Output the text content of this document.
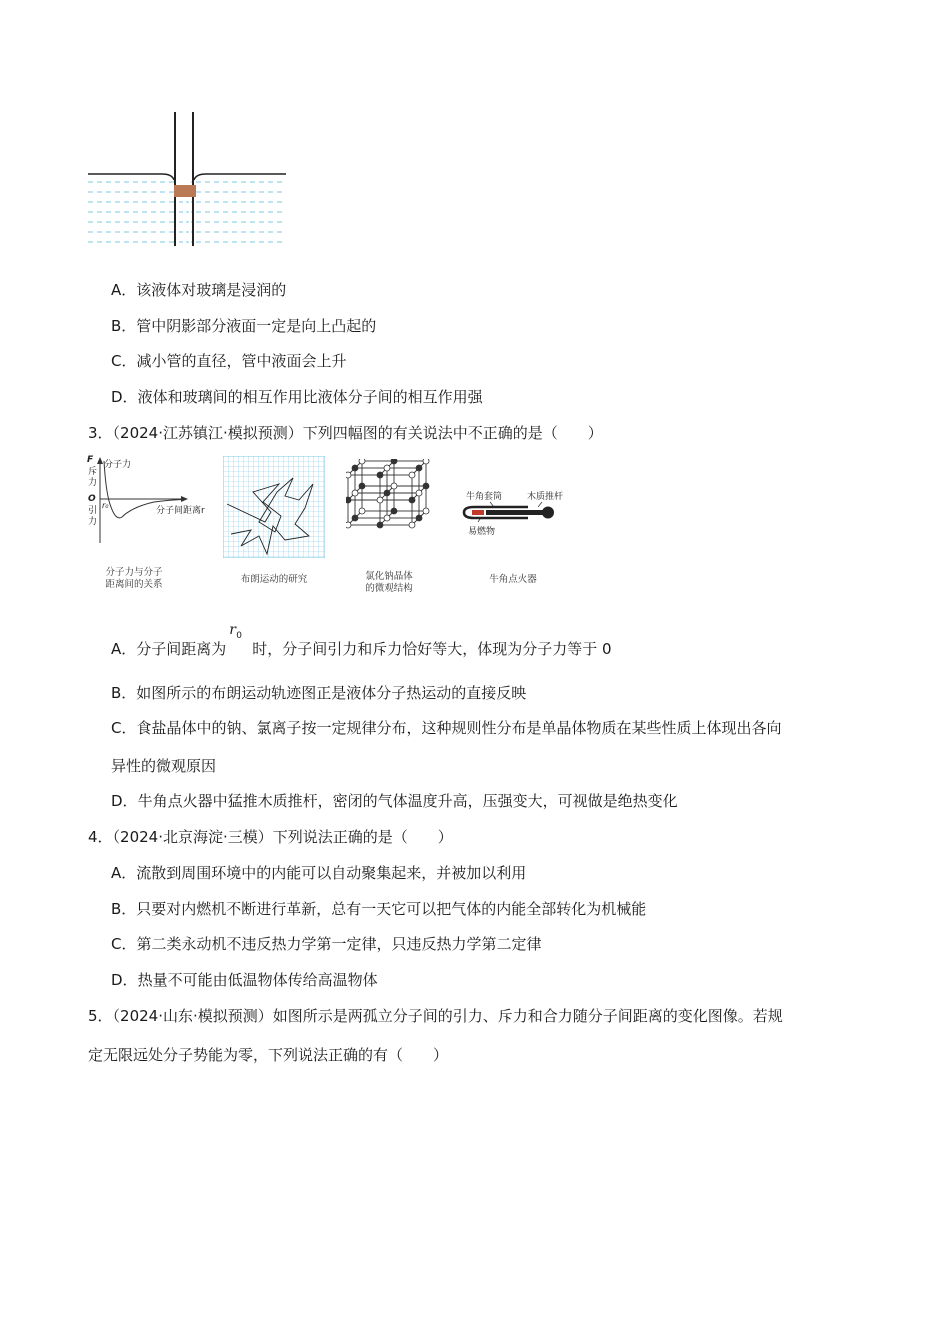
A．该液体对玻璃是浸润的
B．管中阴影部分液面一定是向上凸起的
C．减小管的直径，管中液面会上升
D．液体和玻璃间的相互作用比液体分子间的相互作用强
3．（2024·江苏镇江·模拟预测）下列四幅图的有关说法中不正确的是（　　）
F 分子力
斥力
O
引力
r₀
分子间距离r
分子力与分子
距离间的关系	布朗运动的研究	氯化钠晶体
的微观结构
牛角套筒	木质推杆
易燃物
牛角点火器
A．分子间距离为
r 0
时，分子间引力和斥力恰好等大，体现为分子力等于 0
B．如图所示的布朗运动轨迹图正是液体分子热运动的直接反映
C．食盐晶体中的钠、氯离子按一定规律分布，这种规则性分布是单晶体物质在某些性质上体现出各向
异性的微观原因
D．牛角点火器中猛推木质推杆，密闭的气体温度升高，压强变大，可视做是绝热变化
4．（2024·北京海淀·三模）下列说法正确的是（　　）
A．流散到周围环境中的内能可以自动聚集起来，并被加以利用
B．只要对内燃机不断进行革新，总有一天它可以把气体的内能全部转化为机械能
C．第二类永动机不违反热力学第一定律，只违反热力学第二定律
D．热量不可能由低温物体传给高温物体
5．（2024·山东·模拟预测）如图所示是两孤立分子间的引力、斥力和合力随分子间距离的变化图像。若规
定无限远处分子势能为零，下列说法正确的有（　　）
